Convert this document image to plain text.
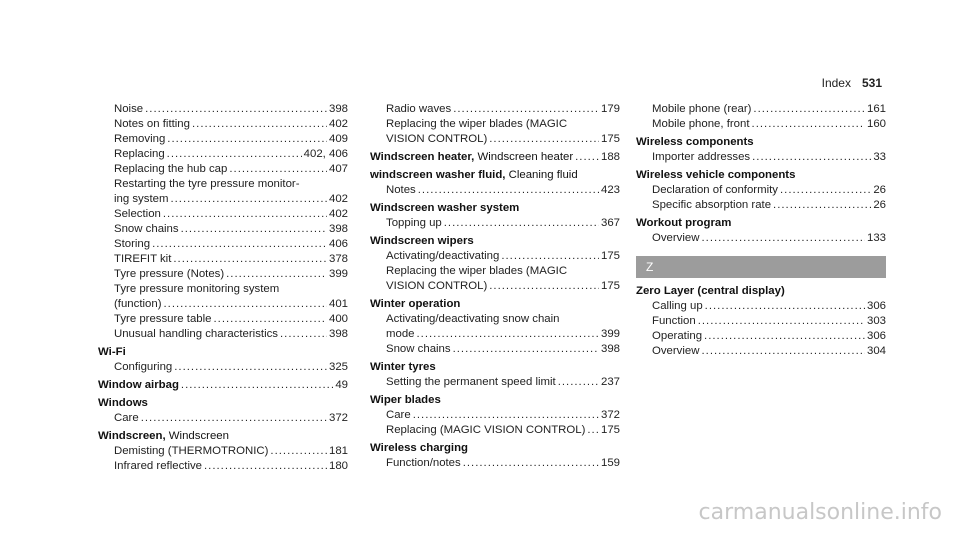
Index 531
Noise .....	398
Notes on fitting .....	402
Removing .....	409
Replacing .....	402, 406
Replacing the hub cap .....	407
Restarting the tyre pressure monitor-
ing system .....	402
Selection .....	402
Snow chains .....	398
Storing .....	406
TIREFIT kit .....	378
Tyre pressure (Notes) .....	399
Tyre pressure monitoring system
(function) .....	401
Tyre pressure table .....	400
Unusual handling characteristics .....	398
Wi-Fi
Configuring .....	325
Window airbag .....	49
Windows
Care .....	372
Windscreen, Windscreen
Demisting (THERMOTRONIC) .....	181
Infrared reflective .....	180
Radio waves .....	179
Replacing the wiper blades (MAGIC
VISION CONTROL) .....	175
Windscreen heater, Windscreen heater ..... 188
windscreen washer fluid, Cleaning fluid
Notes .....	423
Windscreen washer system
Topping up .....	367
Windscreen wipers
Activating/deactivating .....	175
Replacing the wiper blades (MAGIC
VISION CONTROL) .....	175
Winter operation
Activating/deactivating snow chain
mode .....	399
Snow chains .....	398
Winter tyres
Setting the permanent speed limit .....	237
Wiper blades
Care .....	372
Replacing (MAGIC VISION CONTROL) ..... 175
Wireless charging
Function/notes .....	159
Mobile phone (rear) .....	161
Mobile phone, front .....	160
Wireless components
Importer addresses .....	33
Wireless vehicle components
Declaration of conformity .....	26
Specific absorption rate .....	26
Workout program
Overview .....	133
Z
Zero Layer (central display)
Calling up .....	306
Function .....	303
Operating .....	306
Overview .....	304
carmanualsonline.info
